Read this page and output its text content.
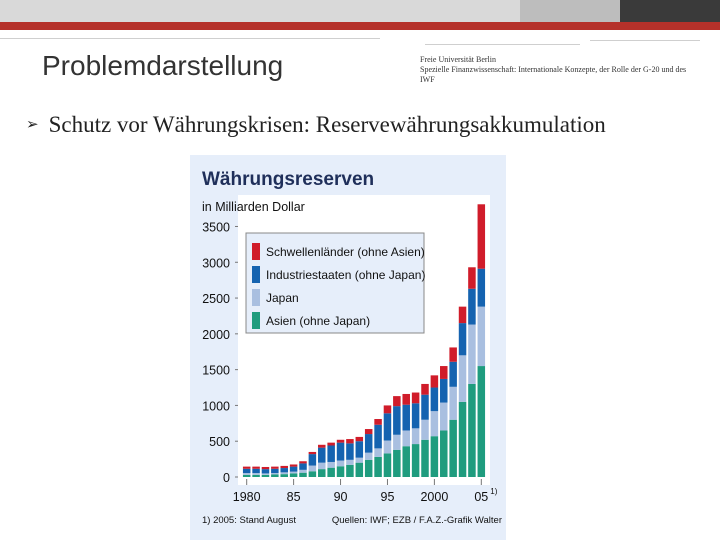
Problemdarstellung	Freie Universität Berlin
Spezielle Finanzwissenschaft: Internationale Konzepte, der Rolle der G-20 und des IWF
➢ Schutz vor Währungskrisen: Reservewährungsakkumulation
0
500
1000
1500
2000
2500
3000
3500
1980 85	90	95 2000 05 1)
Schwellenländer (ohne Asien)
Industriestaaten (ohne Japan)
Japan
Asien (ohne Japan)
Währungsreserven
in Milliarden Dollar
1) 2005: Stand August	Quellen: IWF; EZB / F.A.Z.-Grafik Walter
